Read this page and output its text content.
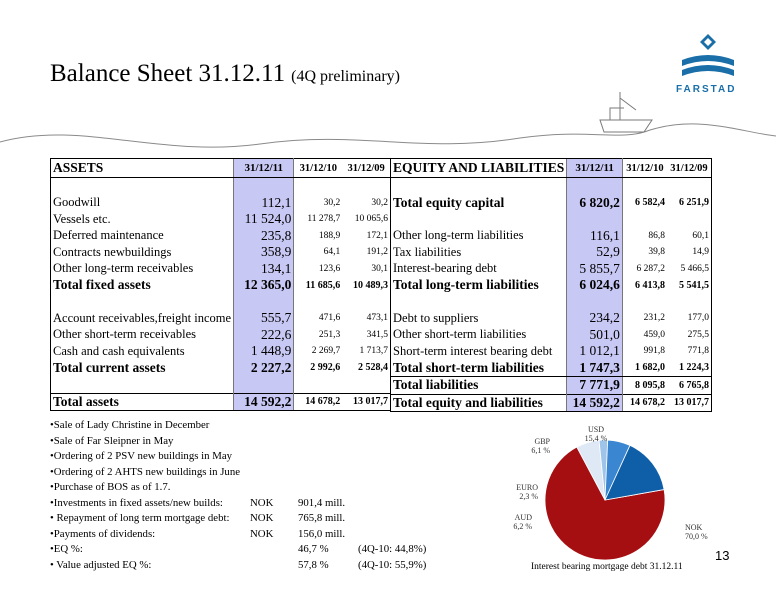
Balance Sheet 31.12.11 (4Q preliminary)
FARSTAD
ASSETS	31/12/11	31/12/10	31/12/09

Goodwill	112,1	30,2	30,2
Vessels etc.	11 524,0	11 278,7	10 065,6
Deferred maintenance	235,8	188,9	172,1
Contracts newbuildings	358,9	64,1	191,2
Other long-term receivables	134,1	123,6	30,1
Total fixed assets	12 365,0	11 685,6	10 489,3

Account receivables,freight income	555,7	471,6	473,1
Other short-term receivables	222,6	251,3	341,5
Cash and cash equivalents	1 448,9	2 269,7	1 713,7
Total current assets	2 227,2	2 992,6	2 528,4

Total assets	14 592,2	14 678,2	13 017,7
EQUITY AND LIABILITIES	31/12/11	31/12/10	31/12/09

Total equity capital	6 820,2	6 582,4	6 251,9

Other long-term liabilities	116,1	86,8	60,1
Tax liabilities	52,9	39,8	14,9
Interest-bearing debt	5 855,7	6 287,2	5 466,5
Total long-term liabilities	6 024,6	6 413,8	5 541,5

Debt to suppliers	234,2	231,2	177,0
Other short-term liabilities	501,0	459,0	275,5
Short-term interest bearing debt	1 012,1	991,8	771,8
Total short-term liabilities	1 747,3	1 682,0	1 224,3
Total liabilities	7 771,9	8 095,8	6 765,8
Total equity and liabilities	14 592,2	14 678,2	13 017,7
•Sale of Lady Christine in December
•Sale of Far Sleipner in May
•Ordering of 2 PSV new buildings in May
•Ordering of 2 AHTS new buildings in June
•Purchase of BOS as of 1.7.
•Investments in fixed assets/new builds:	NOK	901,4 mill.
• Repayment of long term mortgage debt:	NOK	765,8 mill.
•Payments of dividends:	NOK	156,0 mill.
•EQ %:	46,7 %	(4Q-10: 44,8%)
• Value adjusted EQ %:	57,8 %	(4Q-10: 55,9%)
NOK
70,0 %
AUD
6,2 %
EURO
2,3 %
GBP
6,1 %
USD
15,4 %
Interest bearing mortgage debt 31.12.11
13
